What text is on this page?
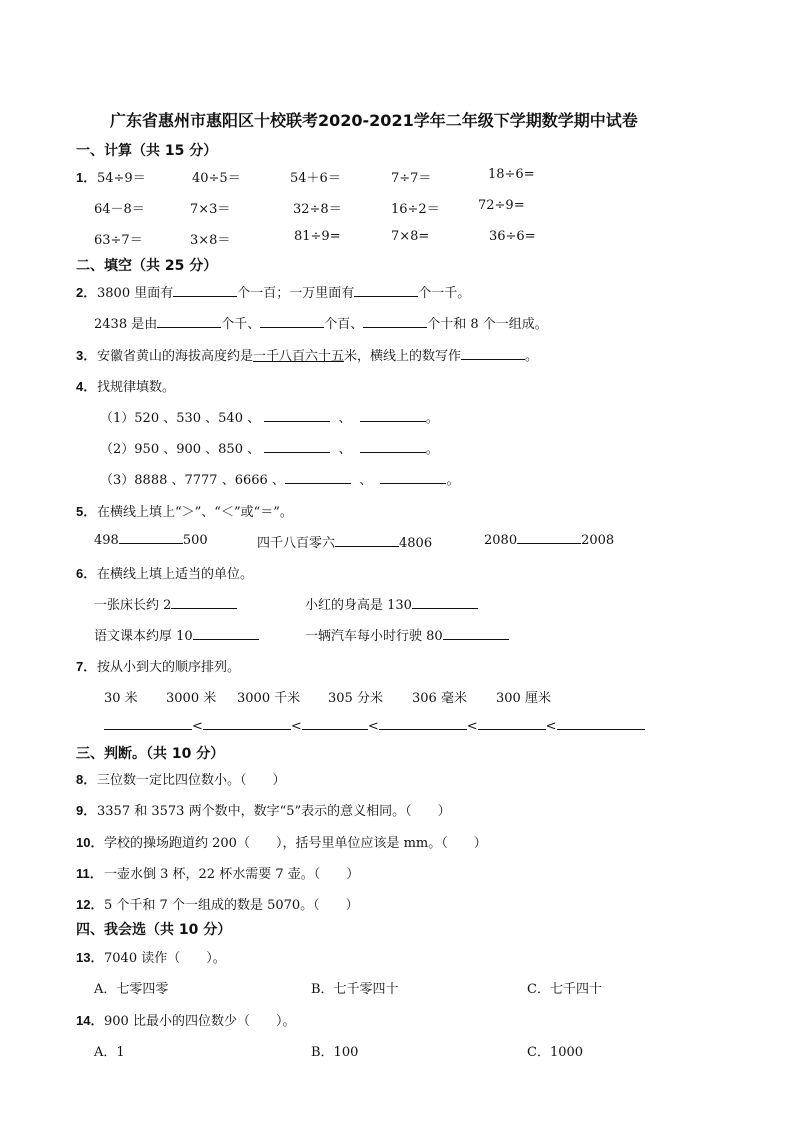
广东省惠州市惠阳区十校联考2020-2021学年二年级下学期数学期中试卷
一、计算（共 15 分）
1． 54÷9＝	40÷5＝	54＋6＝	7÷7＝	18÷6=
64－8＝	7×3＝	32÷8＝	16÷2＝	72÷9=
63÷7＝	3×8＝	81÷9=	7×8=	36÷6=
二、填空（共 25 分）
2． 3800 里面有	个一百；一万里面有	个一千。
2438 是由	个千、	个百、	个十和 8 个一组成。
3． 安徽省黄山的海拔高度约是一千八百六十五米，横线上的数写作	。
4． 找规律填数。
（1）520 、530 、540 、	、	。
（2）950 、900 、850 、	、	。
（3）8888 、7777 、6666 、	、	。
5． 在横线上填上“＞”、“＜”或“＝”。
498	500	四千八百零六	4806	2080	2008
6． 在横线上填上适当的单位。
一张床长约 2	小红的身高是 130
语文课本约厚 10	一辆汽车每小时行驶 80
7． 按从小到大的顺序排列。
30 米 3000 米 3000 千米 305 分米 306 毫米 300 厘米
<	<	<	<	<
三、判断。（共 10 分）
8． 三位数一定比四位数小。（　　）
9． 3357 和 3573 两个数中，数字“5”表示的意义相同。（　　）
10． 学校的操场跑道约 200（　　），括号里单位应该是 mm。（　　）
11． 一壶水倒 3 杯，22 杯水需要 7 壶。（　　）
12． 5 个千和 7 个一组成的数是 5070。（　　）
四、我会选（共 10 分）
13． 7040 读作（　　）。
A．七零四零	B．七千零四十	C．七千四十
14． 900 比最小的四位数少（　　）。
A．1	B．100	C．1000
